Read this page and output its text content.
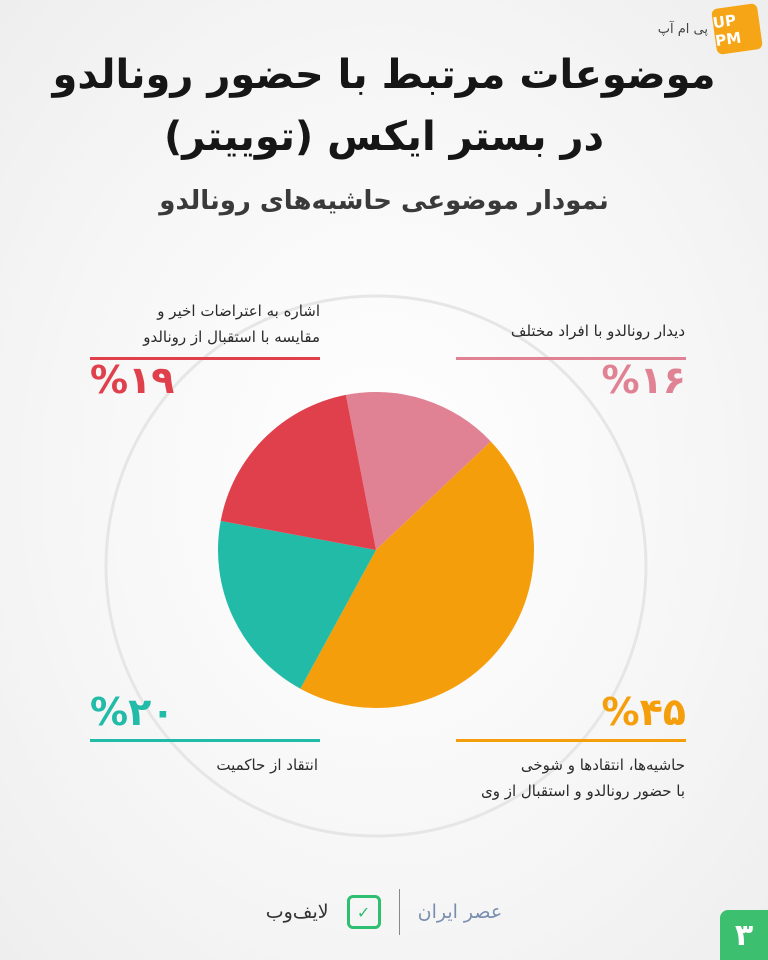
پی ام آپ UP PM
موضوعات مرتبط با حضور رونالدو
در بستر ایکس (توییتر)
نمودار موضوعی حاشیه‌های رونالدو
اشاره به اعتراضات اخیر و
مقایسه با استقبال از رونالدو
%۱۹
دیدار رونالدو با افراد مختلف
%۱۶
%۲۰
انتقاد از حاکمیت
%۴۵
حاشیه‌ها، انتقادها و شوخی
با حضور رونالدو و استقبال از وی
لایف‌وب	✓	عصر ایران
۳
